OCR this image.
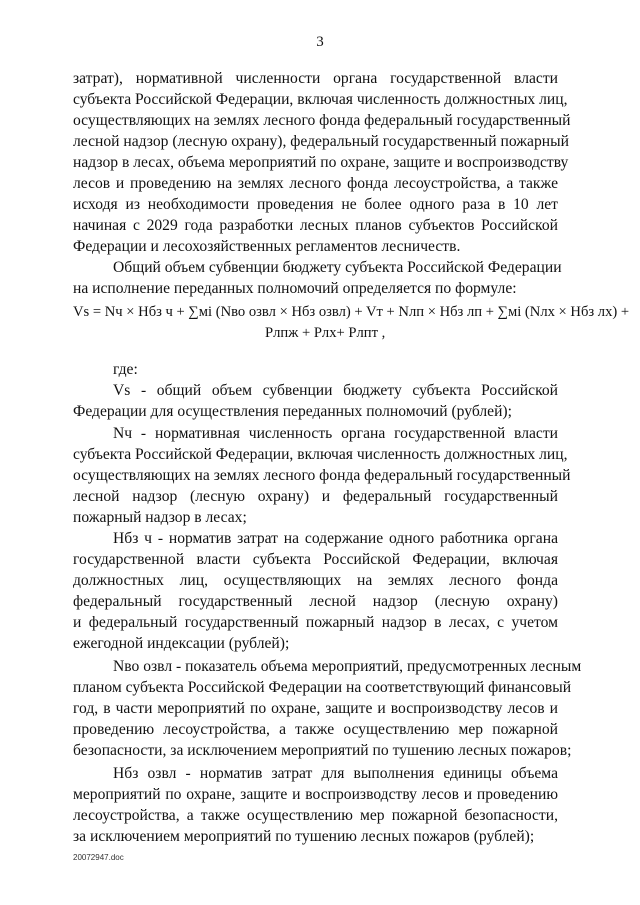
3
затрат), нормативной численности органа государственной власти
субъекта Российской Федерации, включая численность должностных лиц,
осуществляющих на землях лесного фонда федеральный государственный
лесной надзор (лесную охрану), федеральный государственный пожарный
надзор в лесах, объема мероприятий по охране, защите и воспроизводству
лесов и проведению на землях лесного фонда лесоустройства, а также
исходя из необходимости проведения не более одного раза в 10 лет
начиная с 2029 года разработки лесных планов субъектов Российской
Федерации и лесохозяйственных регламентов лесничеств.
Общий объем субвенции бюджету субъекта Российской Федерации
на исполнение переданных полномочий определяется по формуле:
Vs = Nч × Hбз ч + ∑мi (Nво озвл × Hбз озвл) + Vт + Nлп × Hбз лп + ∑мi (Nлх × Hбз лх) +
Pлпж + Pлх+ Pлпт ,
где:
Vs - общий объем субвенции бюджету субъекта Российской
Федерации для осуществления переданных полномочий (рублей);
Nч - нормативная численность органа государственной власти
субъекта Российской Федерации, включая численность должностных лиц,
осуществляющих на землях лесного фонда федеральный государственный
лесной надзор (лесную охрану) и федеральный государственный
пожарный надзор в лесах;
Hбз ч - норматив затрат на содержание одного работника органа
государственной власти субъекта Российской Федерации, включая
должностных лиц, осуществляющих на землях лесного фонда
федеральный государственный лесной надзор (лесную охрану)
и федеральный государственный пожарный надзор в лесах, с учетом
ежегодной индексации (рублей);
Nво озвл - показатель объема мероприятий, предусмотренных лесным
планом субъекта Российской Федерации на соответствующий финансовый
год, в части мероприятий по охране, защите и воспроизводству лесов и
проведению лесоустройства, а также осуществлению мер пожарной
безопасности, за исключением мероприятий по тушению лесных пожаров;
Hбз озвл - норматив затрат для выполнения единицы объема
мероприятий по охране, защите и воспроизводству лесов и проведению
лесоустройства, а также осуществлению мер пожарной безопасности,
за исключением мероприятий по тушению лесных пожаров (рублей);
20072947.doc
